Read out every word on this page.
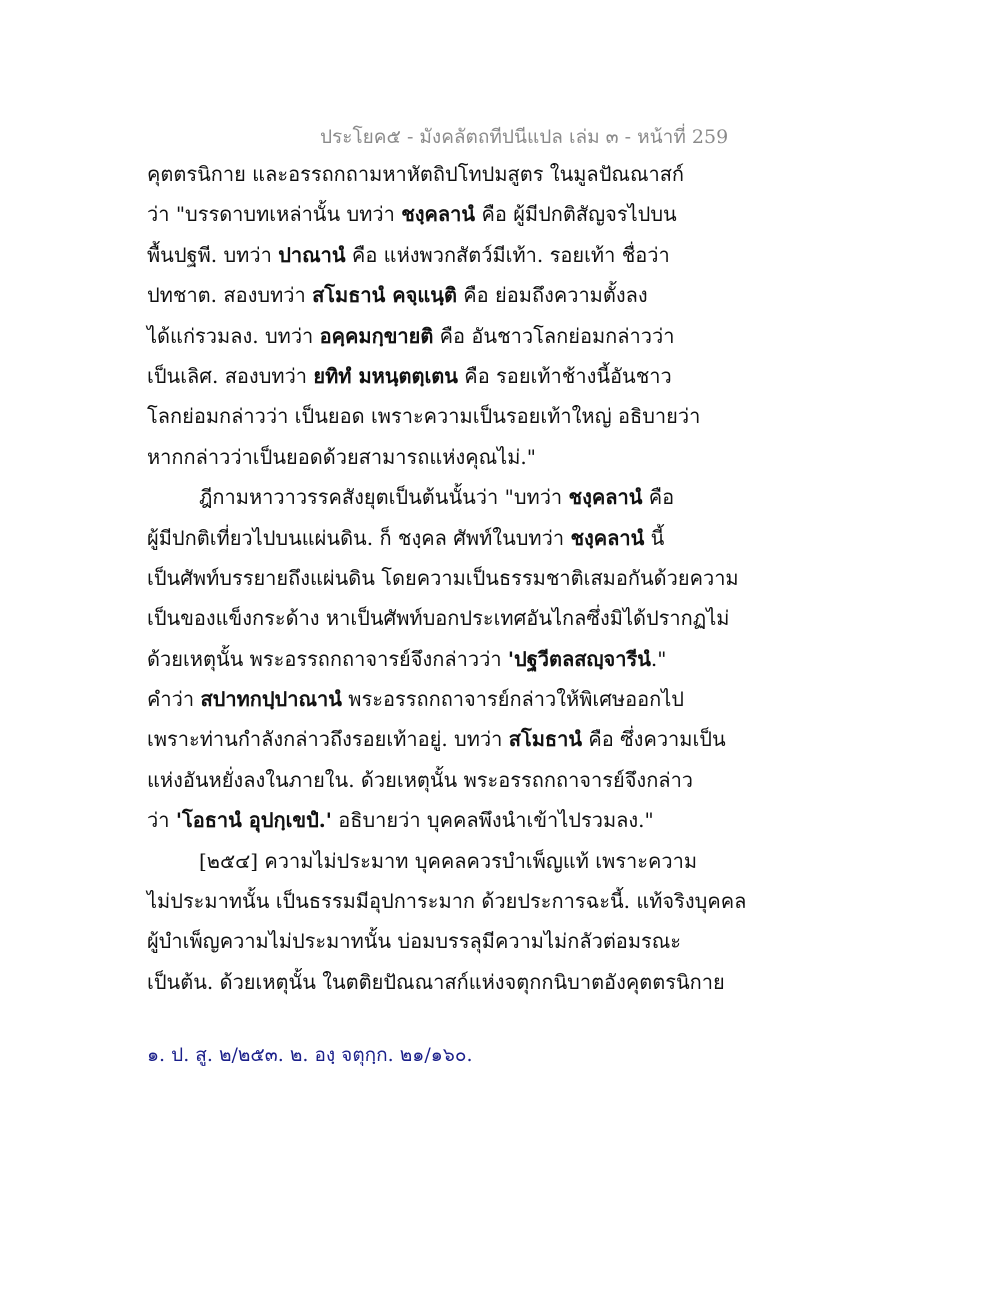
ประโยค๕ - มังคลัตถทีปนีแปล เล่ม ๓ - หน้าที่ 259
คุตตรนิกาย และอรรถกถามหาหัตถิปโทปมสูตร ในมูลปัณณาสก์
ว่า "บรรดาบทเหล่านั้น บทว่า ชงฺคลานํ คือ ผู้มีปกติสัญจรไปบน
พื้นปฐพี. บทว่า ปาณานํ คือ แห่งพวกสัตว์มีเท้า. รอยเท้า ชื่อว่า
ปทชาต. สองบทว่า สโมธานํ คจฺแนฺติ คือ ย่อมถึงความตั้งลง
ได้แก่รวมลง. บทว่า อคฺคมกฺขายติ คือ อันชาวโลกย่อมกล่าวว่า
เป็นเลิศ. สองบทว่า ยทิทํ มหนฺตตฺเตน คือ รอยเท้าช้างนี้อันชาว
โลกย่อมกล่าวว่า เป็นยอด เพราะความเป็นรอยเท้าใหญ่ อธิบายว่า
หากกล่าวว่าเป็นยอดด้วยสามารถแห่งคุณไม่."
ฎีกามหาวาวรรคสังยุตเป็นต้นนั้นว่า "บทว่า ชงฺคลานํ คือ
ผู้มีปกติเที่ยวไปบนแผ่นดิน. ก็ ชงฺคล ศัพท์ในบทว่า ชงฺคลานํ นี้
เป็นศัพท์บรรยายถึงแผ่นดิน โดยความเป็นธรรมชาติเสมอกันด้วยความ
เป็นของแข็งกระด้าง หาเป็นศัพท์บอกประเทศอันไกลซึ่งมิได้ปรากฏไม่
ด้วยเหตุนั้น พระอรรถกถาจารย์จึงกล่าวว่า 'ปฐวีตลสญฺจารีนํ."
คำว่า สปาทกปฺปาณานํ พระอรรถกถาจารย์กล่าวให้พิเศษออกไป
เพราะท่านกำลังกล่าวถึงรอยเท้าอยู่. บทว่า สโมธานํ คือ ซึ่งความเป็น
แห่งอันหยั่งลงในภายใน. ด้วยเหตุนั้น พระอรรถกถาจารย์จึงกล่าว
ว่า 'โอธานํ อุปกฺเขปํ.' อธิบายว่า บุคคลพึงนำเข้าไปรวมลง."
[๒๕๔] ความไม่ประมาท บุคคลควรบำเพ็ญแท้ เพราะความ
ไม่ประมาทนั้น เป็นธรรมมีอุปการะมาก ด้วยประการฉะนี้. แท้จริงบุคคล
ผู้บำเพ็ญความไม่ประมาทนั้น บ่อมบรรลุมีความไม่กลัวต่อมรณะ
เป็นต้น. ด้วยเหตุนั้น ในตติยปัณณาสก์แห่งจตุกกนิบาตอังคุตตรนิกาย
๑. ป. สู. ๒/๒๕๓. ๒. องฺ จตุกฺก. ๒๑/๑๖๐.
